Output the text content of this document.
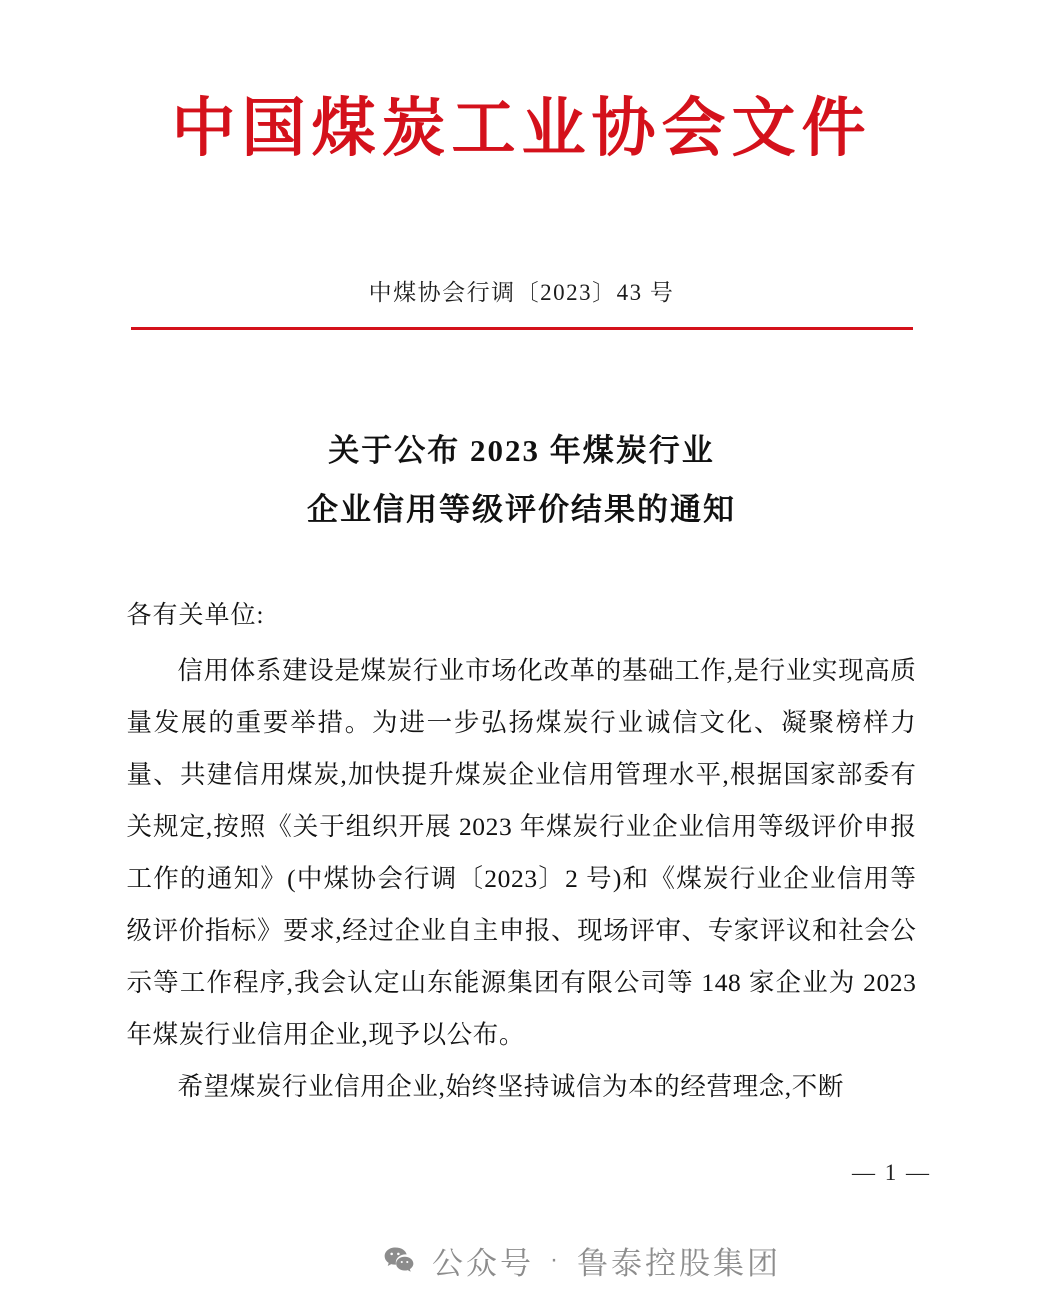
中国煤炭工业协会文件
中煤协会行调〔2023〕43 号
关于公布 2023 年煤炭行业
企业信用等级评价结果的通知
各有关单位:

信用体系建设是煤炭行业市场化改革的基础工作,是行业实现高质量发展的重要举措。为进一步弘扬煤炭行业诚信文化、凝聚榜样力量、共建信用煤炭,加快提升煤炭企业信用管理水平,根据国家部委有关规定,按照《关于组织开展 2023 年煤炭行业企业信用等级评价申报工作的通知》(中煤协会行调〔2023〕2 号)和《煤炭行业企业信用等级评价指标》要求,经过企业自主申报、现场评审、专家评议和社会公示等工作程序,我会认定山东能源集团有限公司等 148 家企业为 2023 年煤炭行业信用企业,现予以公布。

希望煤炭行业信用企业,始终坚持诚信为本的经营理念,不断

— 1 —
公众号 · 鲁泰控股集团
